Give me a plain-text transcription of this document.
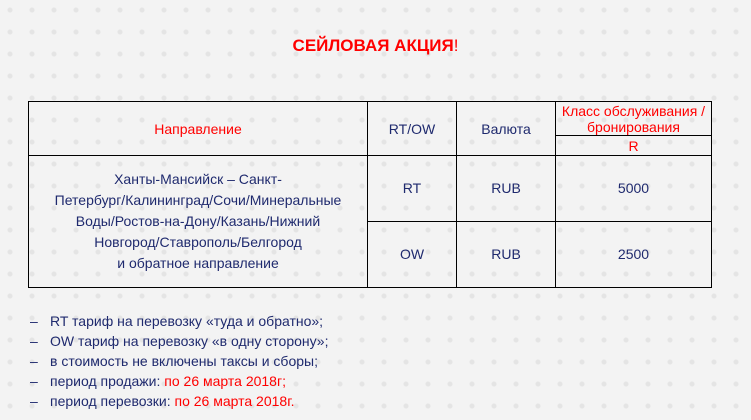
СЕЙЛОВАЯ АКЦИЯ!
Направление	RT/OW	Валюта	Класс обслуживания / бронирования
			R

Ханты-Мансийск – Санкт-
Петербург/Калининград/Сочи/Минеральные
Воды/Ростов-на-Дону/Казань/Нижний
Новгород/Ставрополь/Белгород
и обратное направление	RT	RUB	5000
	OW	RUB	2500
– RT тариф на перевозку «туда и обратно»;
– OW тариф на перевозку «в одну сторону»;
– в стоимость не включены таксы и сборы;
– период продажи: по 26 марта 2018г;
– период перевозки: по 26 марта 2018г.
